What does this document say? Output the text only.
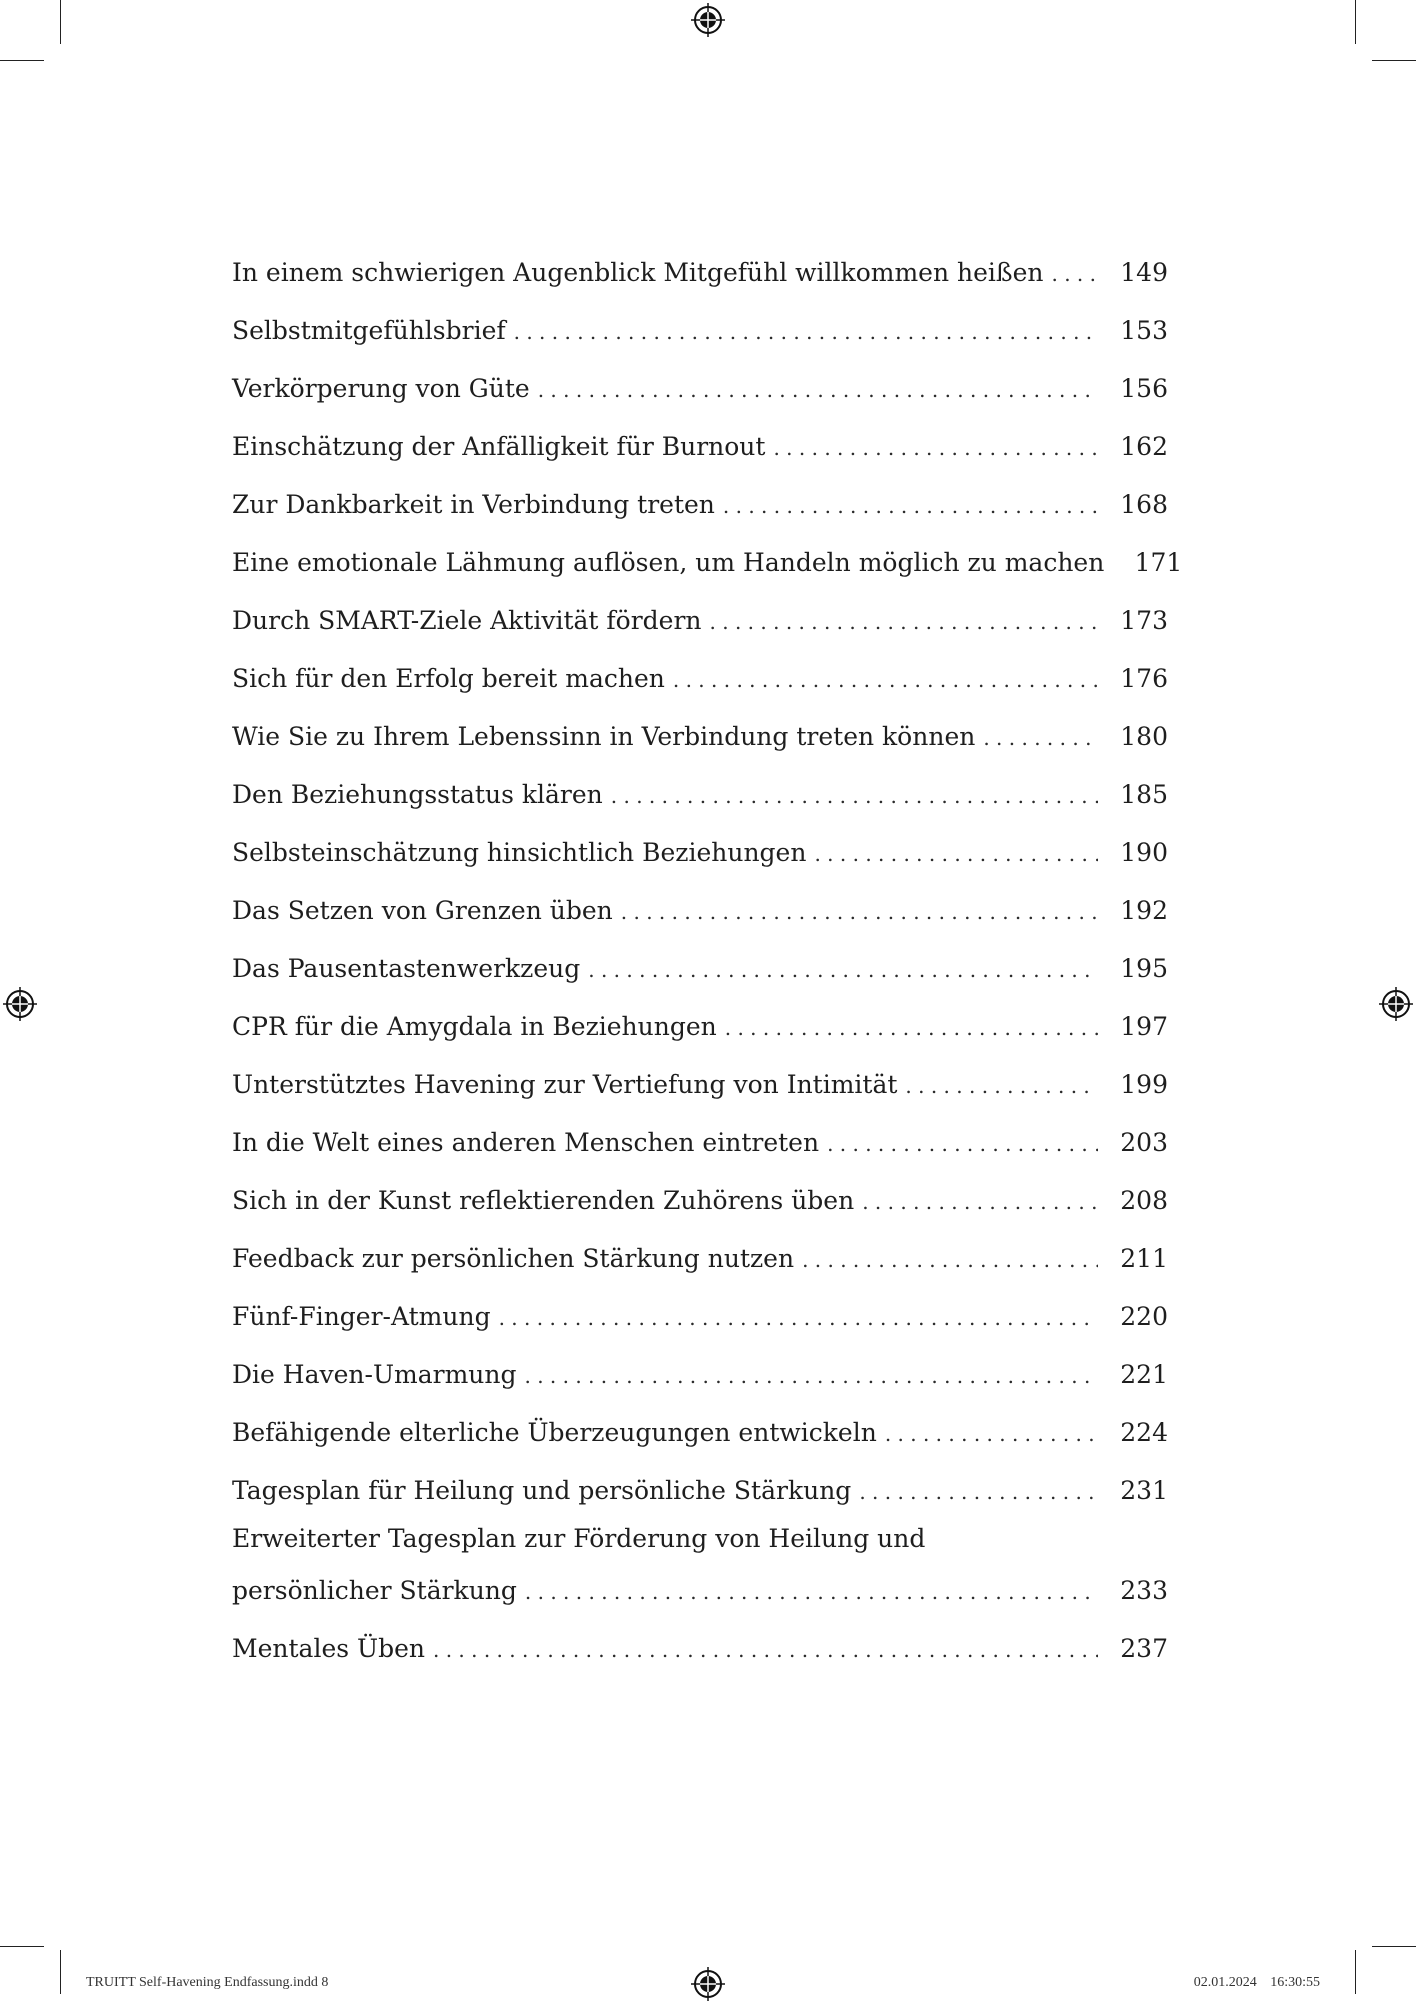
In einem schwierigen Augenblick Mitgefühl willkommen heißen . . .	149
Selbstmitgefühlsbrief . . .	153
Verkörperung von Güte . . .	156
Einschätzung der Anfälligkeit für Burnout . . .	162
Zur Dankbarkeit in Verbindung treten . . .	168
Eine emotionale Lähmung auflösen, um Handeln möglich zu machen	171
Durch SMART-Ziele Aktivität fördern . . .	173
Sich für den Erfolg bereit machen . . .	176
Wie Sie zu Ihrem Lebenssinn in Verbindung treten können . . .	180
Den Beziehungsstatus klären . . .	185
Selbsteinschätzung hinsichtlich Beziehungen . . .	190
Das Setzen von Grenzen üben . . .	192
Das Pausentastenwerkzeug . . .	195
CPR für die Amygdala in Beziehungen . . .	197
Unterstütztes Havening zur Vertiefung von Intimität . . .	199
In die Welt eines anderen Menschen eintreten . . .	203
Sich in der Kunst reflektierenden Zuhörens üben . . .	208
Feedback zur persönlichen Stärkung nutzen . . .	211
Fünf-Finger-Atmung . . .	220
Die Haven-Umarmung . . .	221
Befähigende elterliche Überzeugungen entwickeln . . .	224
Tagesplan für Heilung und persönliche Stärkung . . .	231
Erweiterter Tagesplan zur Förderung von Heilung und
persönlicher Stärkung . . .	233
Mentales Üben . . .	237
TRUITT Self-Havening Endfassung.indd 8	02.01.2024 16:30:55
